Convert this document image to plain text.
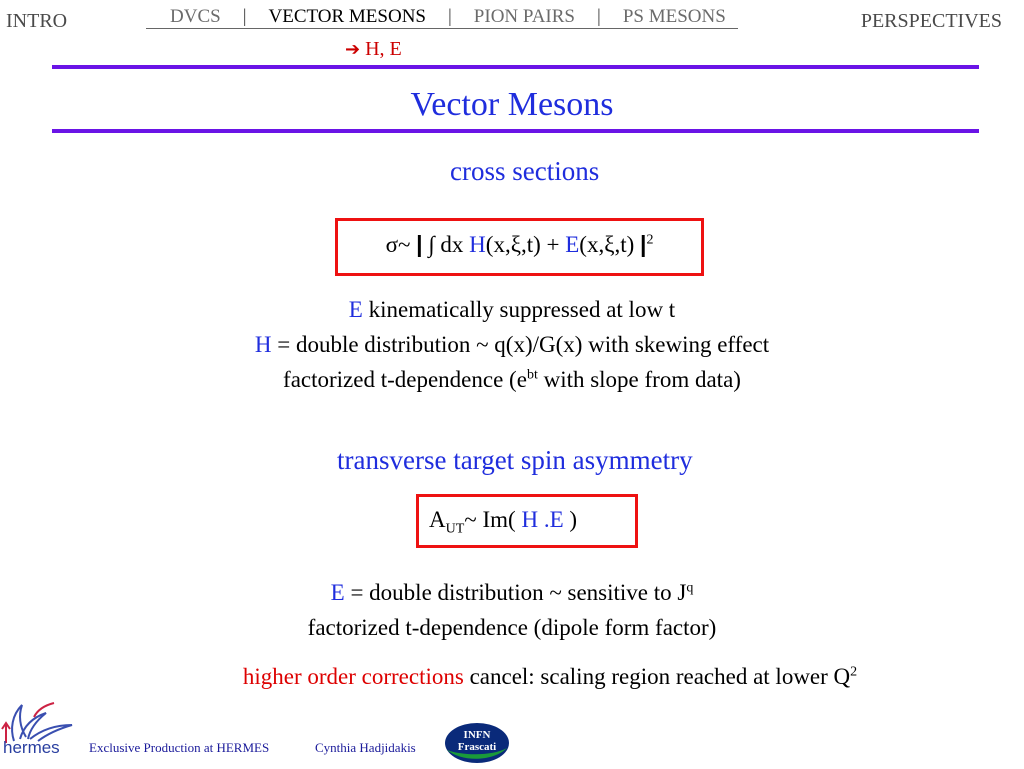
INTRO	DVCS | VECTOR MESONS | PION PAIRS | PS MESONS	PERSPECTIVES
➔ H, E
Vector Mesons
cross sections
σ~ | ∫ dx H(x,ξ,t) + E(x,ξ,t) $|^2$
E kinematically suppressed at low t
H = double distribution ~ q(x)/G(x) with skewing effect
factorized t-dependence ($e^{bt}$ with slope from data)
transverse target spin asymmetry
$A_{UT}\sim$ Im( H .E )
E = double distribution ~ sensitive to $J^q$
factorized t-dependence (dipole form factor)
higher order corrections cancel: scaling region reached at lower $Q^2$
hermes Exclusive Production at HERMES	Cynthia Hadjidakis
INFN
Frascati
